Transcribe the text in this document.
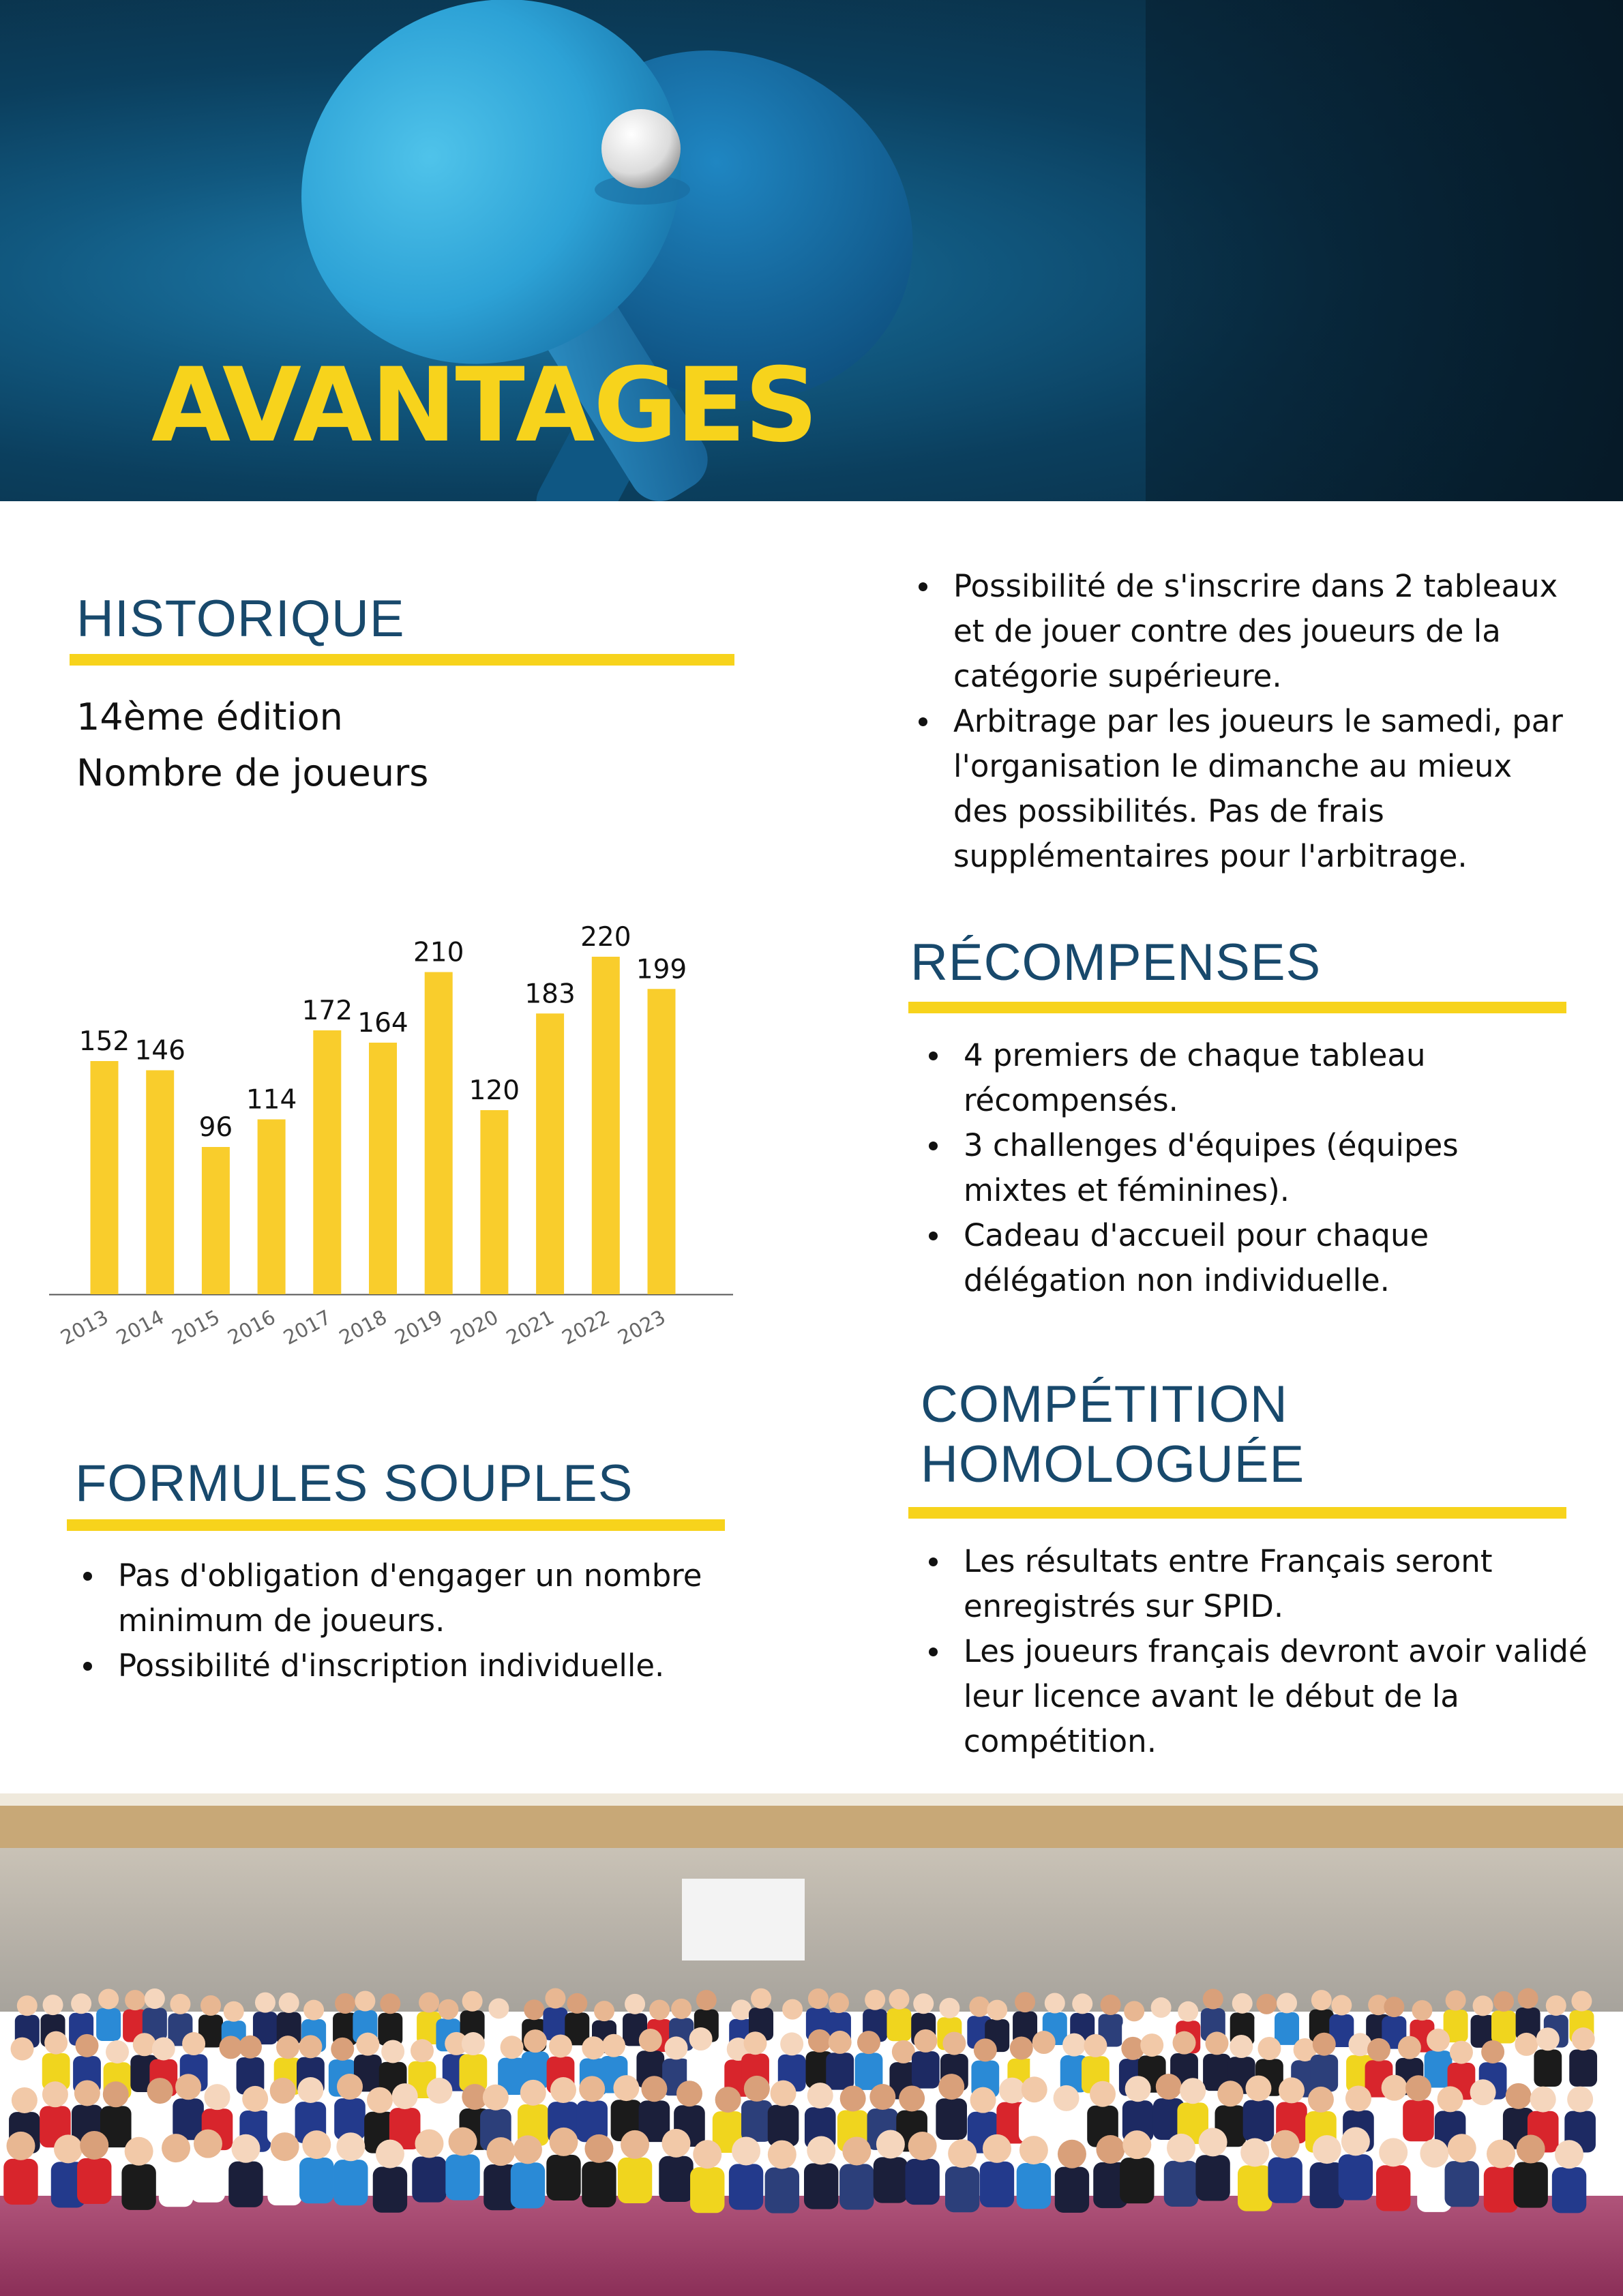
AVANTAGES
HISTORIQUE
14ème édition
Nombre de joueurs
152
2013
146
2014
96
2015
114
2016
172
2017
164
2018
210
2019
120
2020
183
2021
220
2022
199
2023
FORMULES SOUPLES
Pas d'obligation d'engager un nombre minimum de joueurs.
Possibilité d'inscription individuelle.
Possibilité de s'inscrire dans 2 tableaux et de jouer contre des joueurs de la catégorie supérieure.
Arbitrage par les joueurs le samedi, par l'organisation le dimanche au mieux des possibilités. Pas de frais supplémentaires pour l'arbitrage.
RÉCOMPENSES
4 premiers de chaque tableau récompensés.
3 challenges d'équipes (équipes mixtes et féminines).
Cadeau d'accueil pour chaque délégation non individuelle.
COMPÉTITION
HOMOLOGUÉE
Les résultats entre Français seront enregistrés sur SPID.
Les joueurs français devront avoir validé leur licence avant le début de la compétition.
